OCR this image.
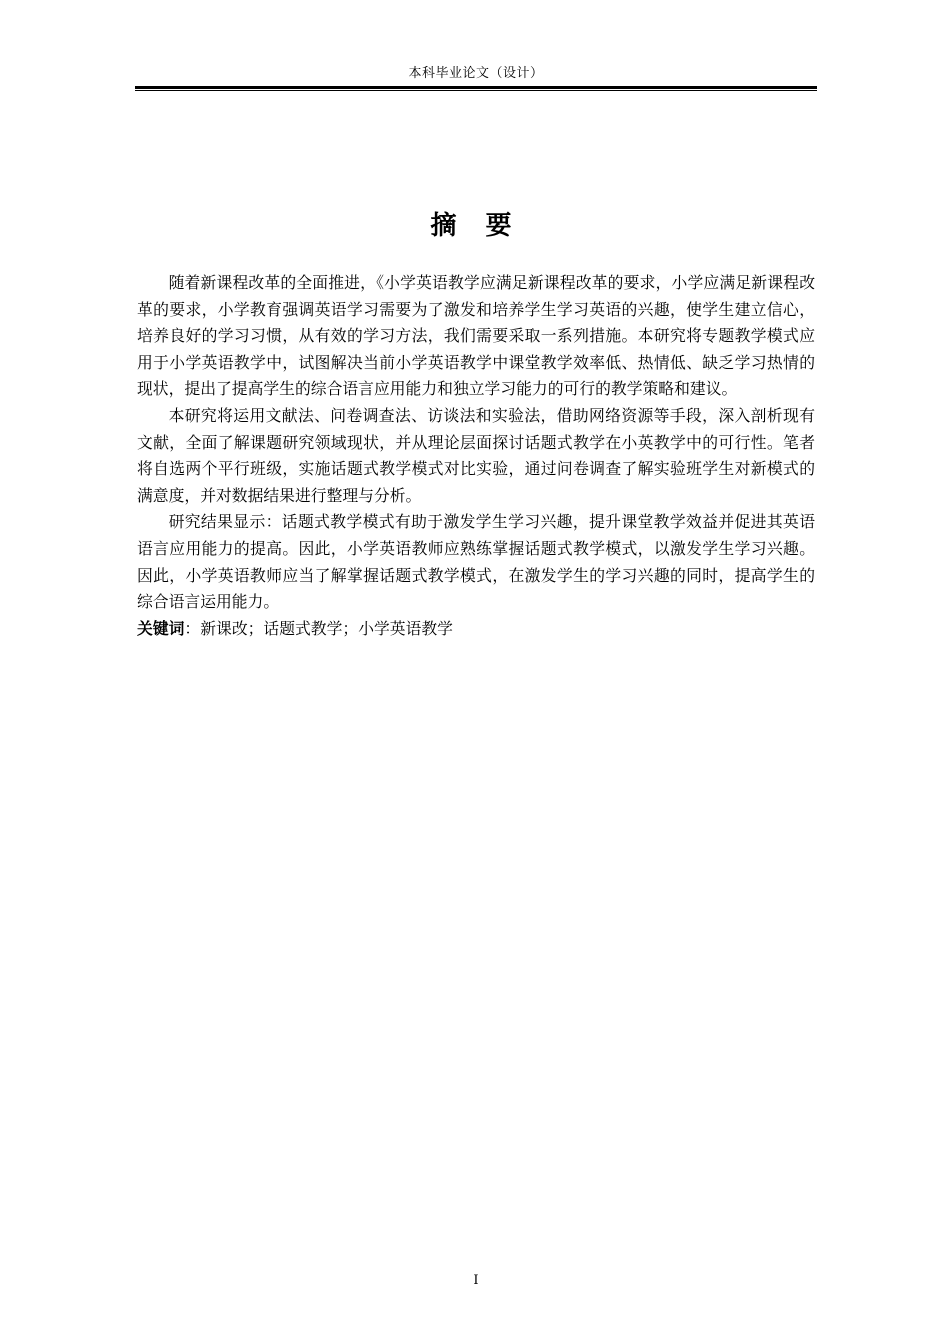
本科毕业论文（设计）
摘 要

随着新课程改革的全面推进，《小学英语教学应满足新课程改革的要求，小学应满足新课程改革的要求，小学教育强调英语学习需要为了激发和培养学生学习英语的兴趣，使学生建立信心，培养良好的学习习惯，从有效的学习方法，我们需要采取一系列措施。本研究将专题教学模式应用于小学英语教学中，试图解决当前小学英语教学中课堂教学效率低、热情低、缺乏学习热情的现状，提出了提高学生的综合语言应用能力和独立学习能力的可行的教学策略和建议。

本研究将运用文献法、问卷调查法、访谈法和实验法，借助网络资源等手段，深入剖析现有文献，全面了解课题研究领域现状，并从理论层面探讨话题式教学在小英教学中的可行性。笔者将自选两个平行班级，实施话题式教学模式对比实验，通过问卷调查了解实验班学生对新模式的满意度，并对数据结果进行整理与分析。

研究结果显示：话题式教学模式有助于激发学生学习兴趣，提升课堂教学效益并促进其英语语言应用能力的提高。因此，小学英语教师应熟练掌握话题式教学模式，以激发学生学习兴趣。因此，小学英语教师应当了解掌握话题式教学模式，在激发学生的学习兴趣的同时，提高学生的综合语言运用能力。

关键词：新课改；话题式教学；小学英语教学

I
